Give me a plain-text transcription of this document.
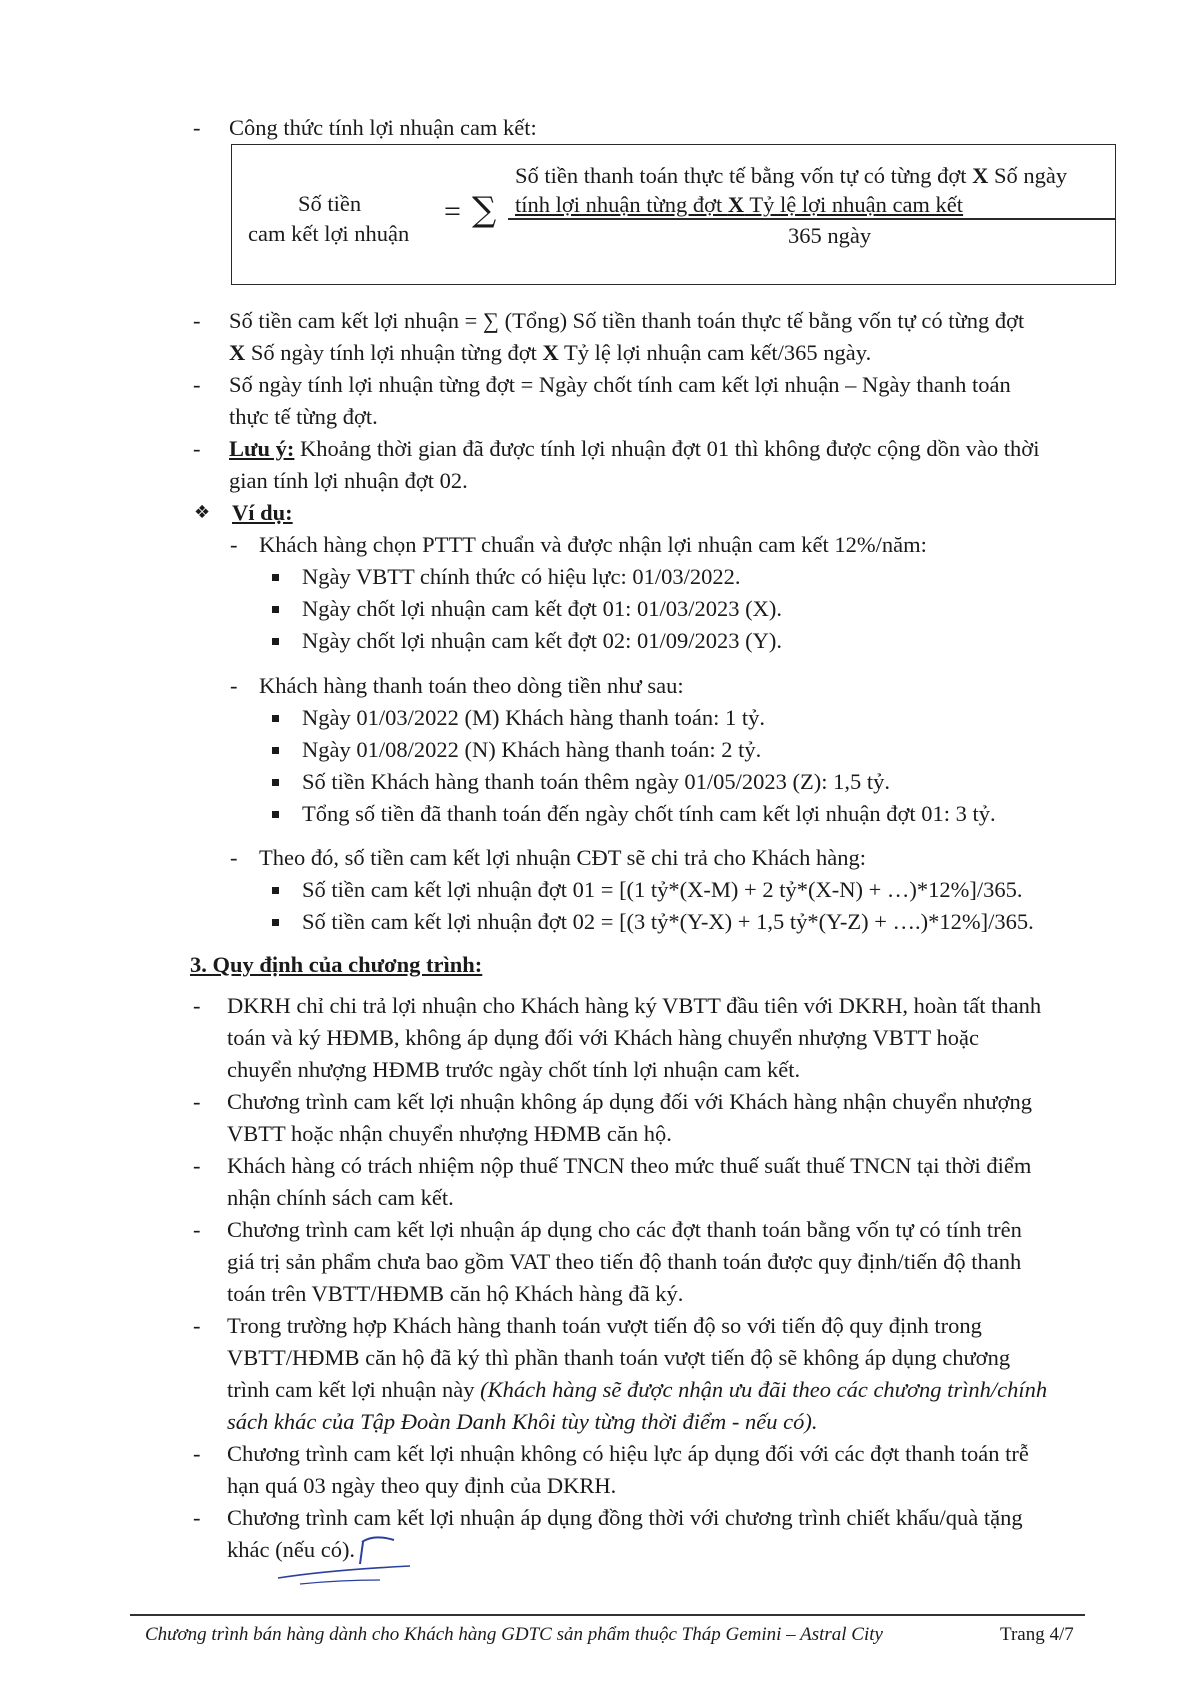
- Công thức tính lợi nhuận cam kết:
Số tiền
cam kết lợi nhuận
= ∑
Số tiền thanh toán thực tế bằng vốn tự có từng đợt X Số ngày
tính lợi nhuận từng đợt X Tỷ lệ lợi nhuận cam kết
365 ngày
- Số tiền cam kết lợi nhuận = ∑ (Tổng) Số tiền thanh toán thực tế bằng vốn tự có từng đợt
X Số ngày tính lợi nhuận từng đợt X Tỷ lệ lợi nhuận cam kết/365 ngày.
- Số ngày tính lợi nhuận từng đợt = Ngày chốt tính cam kết lợi nhuận – Ngày thanh toán
thực tế từng đợt.
- Lưu ý: Khoảng thời gian đã được tính lợi nhuận đợt 01 thì không được cộng dồn vào thời
gian tính lợi nhuận đợt 02.
❖ Ví dụ:
- Khách hàng chọn PTTT chuẩn và được nhận lợi nhuận cam kết 12%/năm:
Ngày VBTT chính thức có hiệu lực: 01/03/2022.
Ngày chốt lợi nhuận cam kết đợt 01: 01/03/2023 (X).
Ngày chốt lợi nhuận cam kết đợt 02: 01/09/2023 (Y).
- Khách hàng thanh toán theo dòng tiền như sau:
Ngày 01/03/2022 (M) Khách hàng thanh toán: 1 tỷ.
Ngày 01/08/2022 (N) Khách hàng thanh toán: 2 tỷ.
Số tiền Khách hàng thanh toán thêm ngày 01/05/2023 (Z): 1,5 tỷ.
Tổng số tiền đã thanh toán đến ngày chốt tính cam kết lợi nhuận đợt 01: 3 tỷ.
- Theo đó, số tiền cam kết lợi nhuận CĐT sẽ chi trả cho Khách hàng:
Số tiền cam kết lợi nhuận đợt 01 = [(1 tỷ*(X-M) + 2 tỷ*(X-N) + …)*12%]/365.
Số tiền cam kết lợi nhuận đợt 02 = [(3 tỷ*(Y-X) + 1,5 tỷ*(Y-Z) + ….)*12%]/365.
3. Quy định của chương trình:
- DKRH chỉ chi trả lợi nhuận cho Khách hàng ký VBTT đầu tiên với DKRH, hoàn tất thanh
toán và ký HĐMB, không áp dụng đối với Khách hàng chuyển nhượng VBTT hoặc
chuyển nhượng HĐMB trước ngày chốt tính lợi nhuận cam kết.
- Chương trình cam kết lợi nhuận không áp dụng đối với Khách hàng nhận chuyển nhượng
VBTT hoặc nhận chuyển nhượng HĐMB căn hộ.
- Khách hàng có trách nhiệm nộp thuế TNCN theo mức thuế suất thuế TNCN tại thời điểm
nhận chính sách cam kết.
- Chương trình cam kết lợi nhuận áp dụng cho các đợt thanh toán bằng vốn tự có tính trên
giá trị sản phẩm chưa bao gồm VAT theo tiến độ thanh toán được quy định/tiến độ thanh
toán trên VBTT/HĐMB căn hộ Khách hàng đã ký.
- Trong trường hợp Khách hàng thanh toán vượt tiến độ so với tiến độ quy định trong
VBTT/HĐMB căn hộ đã ký thì phần thanh toán vượt tiến độ sẽ không áp dụng chương
trình cam kết lợi nhuận này (Khách hàng sẽ được nhận ưu đãi theo các chương trình/chính
sách khác của Tập Đoàn Danh Khôi tùy từng thời điểm - nếu có).
- Chương trình cam kết lợi nhuận không có hiệu lực áp dụng đối với các đợt thanh toán trễ
hạn quá 03 ngày theo quy định của DKRH.
- Chương trình cam kết lợi nhuận áp dụng đồng thời với chương trình chiết khấu/quà tặng
khác (nếu có).
Chương trình bán hàng dành cho Khách hàng GDTC sản phẩm thuộc Tháp Gemini – Astral City	Trang 4/7
